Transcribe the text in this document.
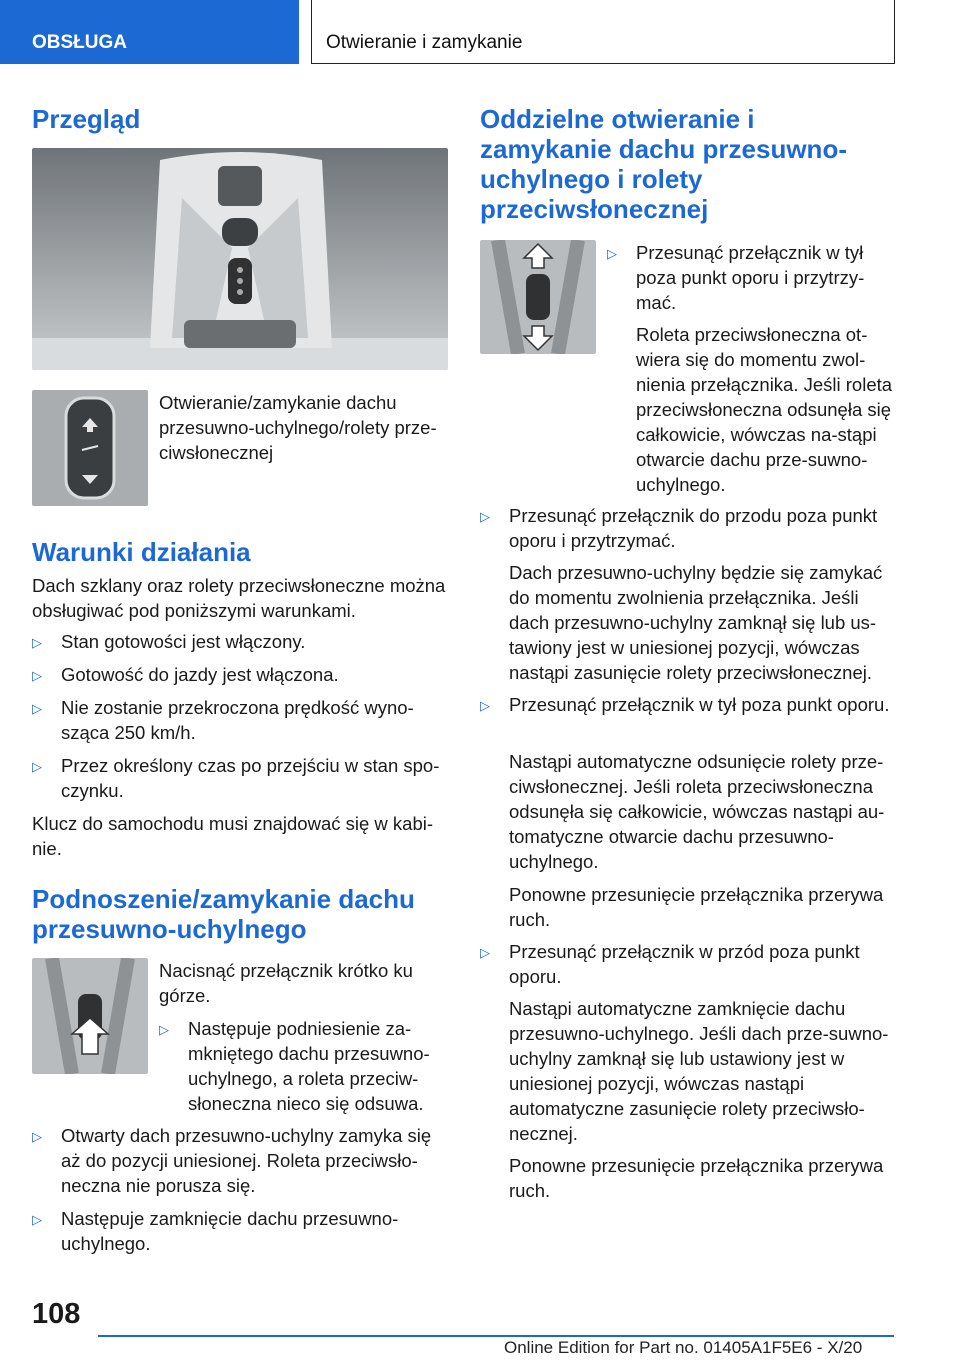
OBSŁUGA	Otwieranie i zamykanie
Przegląd

Otwieranie/zamykanie dachu przesuwno-uchylnego/rolety prze-ciwsłonecznej

Warunki działania

Dach szklany oraz rolety przeciwsłoneczne można obsługiwać pod poniższymi warunkami.

▷ Stan gotowości jest włączony.
▷ Gotowość do jazdy jest włączona.
▷ Nie zostanie przekroczona prędkość wyno-sząca 250 km/h.
▷ Przez określony czas po przejściu w stan spo-czynku.

Klucz do samochodu musi znajdować się w kabi-nie.

Podnoszenie/zamykanie dachu przesuwno-uchylnego

Nacisnąć przełącznik krótko ku górze.

▷ Następuje podniesienie za-mkniętego dachu przesuwno-uchylnego, a roleta przeciw-słoneczna nieco się odsuwa.
▷ Otwarty dach przesuwno-uchylny zamyka się aż do pozycji uniesionej. Roleta przeciwsło-neczna nie porusza się.
▷ Następuje zamknięcie dachu przesuwno-uchylnego.
Oddzielne otwieranie i zamykanie dachu przesuwno-uchylnego i rolety przeciwsłonecznej
▷ Przesunąć przełącznik w tył poza punkt oporu i przytrzy-mać.

Roleta przeciwsłoneczna ot-wiera się do momentu zwol-nienia przełącznika. Jeśli roleta przeciwsłoneczna odsunęła się całkowicie, wówczas na-stąpi otwarcie dachu prze-suwno-uchylnego.

▷ Przesunąć przełącznik do przodu poza punkt oporu i przytrzymać.

Dach przesuwno-uchylny będzie się zamykać do momentu zwolnienia przełącznika. Jeśli dach przesuwno-uchylny zamknął się lub us-tawiony jest w uniesionej pozycji, wówczas nastąpi zasunięcie rolety przeciwsłonecznej.

▷ Przesunąć przełącznik w tył poza punkt oporu.

Nastąpi automatyczne odsunięcie rolety prze-ciwsłonecznej. Jeśli roleta przeciwsłoneczna odsunęła się całkowicie, wówczas nastąpi au-tomatyczne otwarcie dachu przesuwno-uchylnego.

Ponowne przesunięcie przełącznika przerywa ruch.

▷ Przesunąć przełącznik w przód poza punkt oporu.

Nastąpi automatyczne zamknięcie dachu przesuwno-uchylnego. Jeśli dach prze-suwno-uchylny zamknął się lub ustawiony jest w uniesionej pozycji, wówczas nastąpi automatyczne zasunięcie rolety przeciwsło-necznej.

Ponowne przesunięcie przełącznika przerywa ruch.

108
Online Edition for Part no. 01405A1F5E6 - X/20
